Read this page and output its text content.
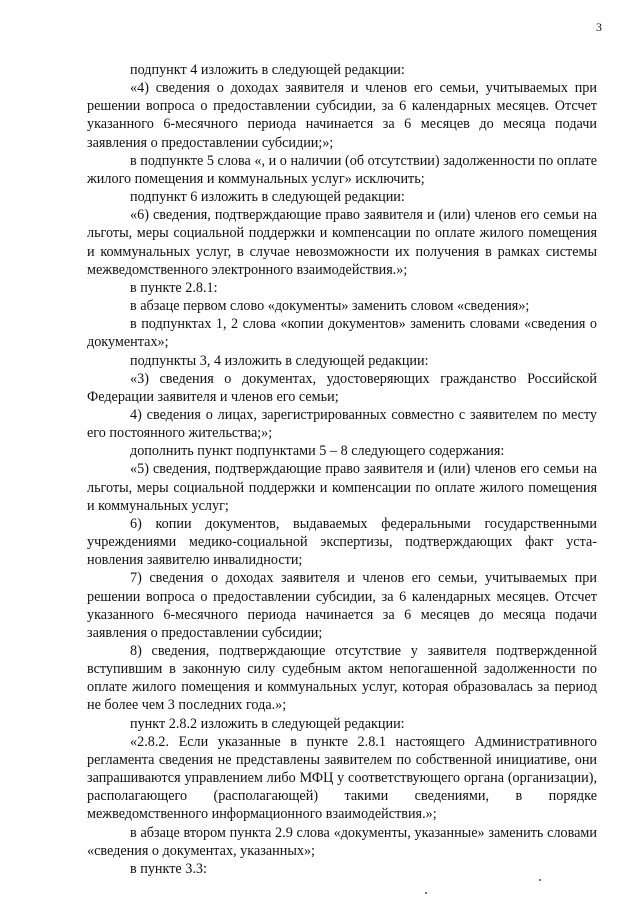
3

подпункт 4 изложить в следующей редакции:

«4) сведения о доходах заявителя и членов его семьи, учитываемых при решении вопроса о предоставлении субсидии, за 6 календарных месяцев. Отсчет указанного 6-месячного периода начинается за 6 месяцев до месяца подачи заявления о предоставлении субсидии;»;

в подпункте 5 слова «, и о наличии (об отсутствии) задолженности по оплате жилого помещения и коммунальных услуг» исключить;

подпункт 6 изложить в следующей редакции:

«6) сведения, подтверждающие право заявителя и (или) членов его семьи на льготы, меры социальной поддержки и компенсации по оплате жилого помещения и коммунальных услуг, в случае невозможности их получения в рамках системы межведомственного электронного взаимодействия.»;

в пункте 2.8.1:

в абзаце первом слово «документы» заменить словом «сведения»;

в подпунктах 1, 2 слова «копии документов» заменить словами «сведения о документах»;

подпункты 3, 4 изложить в следующей редакции:

«3) сведения о документах, удостоверяющих гражданство Российской Федерации заявителя и членов его семьи;

4) сведения о лицах, зарегистрированных совместно с заявителем по месту его постоянного жительства;»;

дополнить пункт подпунктами 5 – 8 следующего содержания:

«5) сведения, подтверждающие право заявителя и (или) членов его семьи на льготы, меры социальной поддержки и компенсации по оплате жилого помещения и коммунальных услуг;

6) копии документов, выдаваемых федеральными государственными учреждениями медико-социальной экспертизы, подтверждающих факт установления заявителю инвалидности;

7) сведения о доходах заявителя и членов его семьи, учитываемых при решении вопроса о предоставлении субсидии, за 6 календарных месяцев. Отсчет указанного 6-месячного периода начинается за 6 месяцев до месяца подачи заявления о предоставлении субсидии;

8) сведения, подтверждающие отсутствие у заявителя подтвержденной вступившим в законную силу судебным актом непогашенной задолженности по оплате жилого помещения и коммунальных услуг, которая образовалась за период не более чем 3 последних года.»;

пункт 2.8.2 изложить в следующей редакции:

«2.8.2. Если указанные в пункте 2.8.1 настоящего Административного регламента сведения не представлены заявителем по собственной инициативе, они запрашиваются управлением либо МФЦ у соответствующего органа (организации), располагающего (располагающей) такими сведениями, в порядке межведомственного информационного взаимодействия.»;

в абзаце втором пункта 2.9 слова «документы, указанные» заменить словами «сведения о документах, указанных»;

в пункте 3.3:
